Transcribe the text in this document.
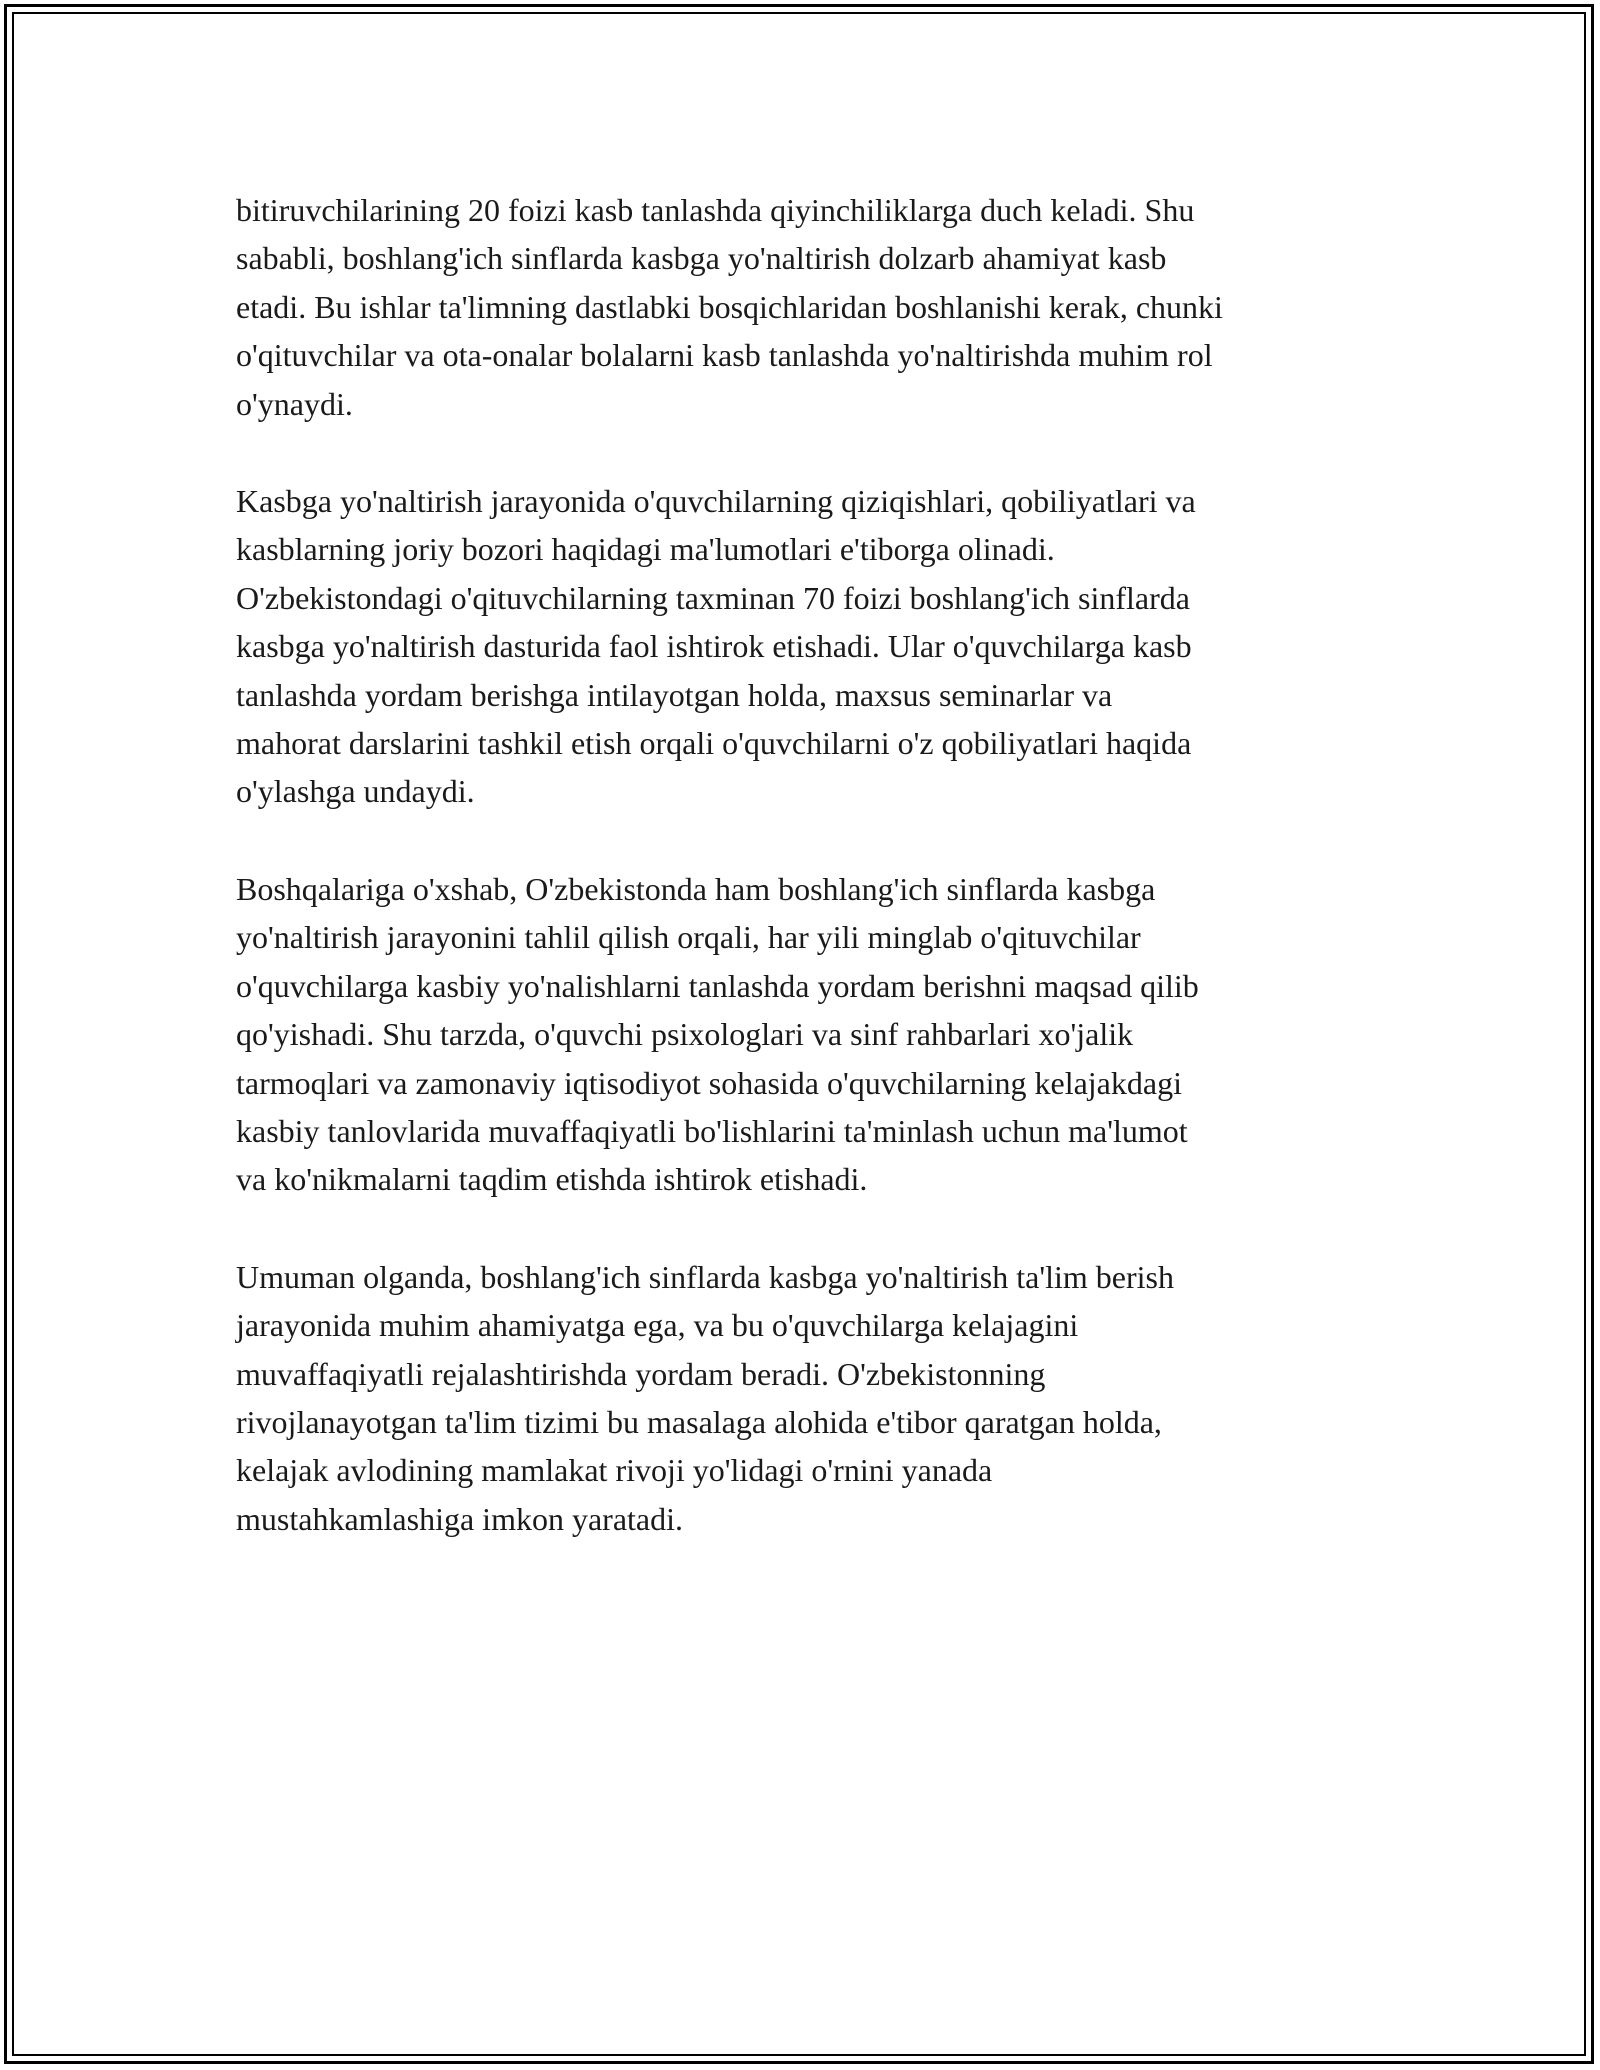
bitiruvchilarining 20 foizi kasb tanlashda qiyinchiliklarga duch keladi. Shu
sababli, boshlang'ich sinflarda kasbga yo'naltirish dolzarb ahamiyat kasb
etadi. Bu ishlar ta'limning dastlabki bosqichlaridan boshlanishi kerak, chunki
o'qituvchilar va ota-onalar bolalarni kasb tanlashda yo'naltirishda muhim rol
o'ynaydi.

Kasbga yo'naltirish jarayonida o'quvchilarning qiziqishlari, qobiliyatlari va
kasblarning joriy bozori haqidagi ma'lumotlari e'tiborga olinadi.
O'zbekistondagi o'qituvchilarning taxminan 70 foizi boshlang'ich sinflarda
kasbga yo'naltirish dasturida faol ishtirok etishadi. Ular o'quvchilarga kasb
tanlashda yordam berishga intilayotgan holda, maxsus seminarlar va
mahorat darslarini tashkil etish orqali o'quvchilarni o'z qobiliyatlari haqida
o'ylashga undaydi.

Boshqalariga o'xshab, O'zbekistonda ham boshlang'ich sinflarda kasbga
yo'naltirish jarayonini tahlil qilish orqali, har yili minglab o'qituvchilar
o'quvchilarga kasbiy yo'nalishlarni tanlashda yordam berishni maqsad qilib
qo'yishadi. Shu tarzda, o'quvchi psixologlari va sinf rahbarlari xo'jalik
tarmoqlari va zamonaviy iqtisodiyot sohasida o'quvchilarning kelajakdagi
kasbiy tanlovlarida muvaffaqiyatli bo'lishlarini ta'minlash uchun ma'lumot
va ko'nikmalarni taqdim etishda ishtirok etishadi.

Umuman olganda, boshlang'ich sinflarda kasbga yo'naltirish ta'lim berish
jarayonida muhim ahamiyatga ega, va bu o'quvchilarga kelajagini
muvaffaqiyatli rejalashtirishda yordam beradi. O'zbekistonning
rivojlanayotgan ta'lim tizimi bu masalaga alohida e'tibor qaratgan holda,
kelajak avlodining mamlakat rivoji yo'lidagi o'rnini yanada
mustahkamlashiga imkon yaratadi.
